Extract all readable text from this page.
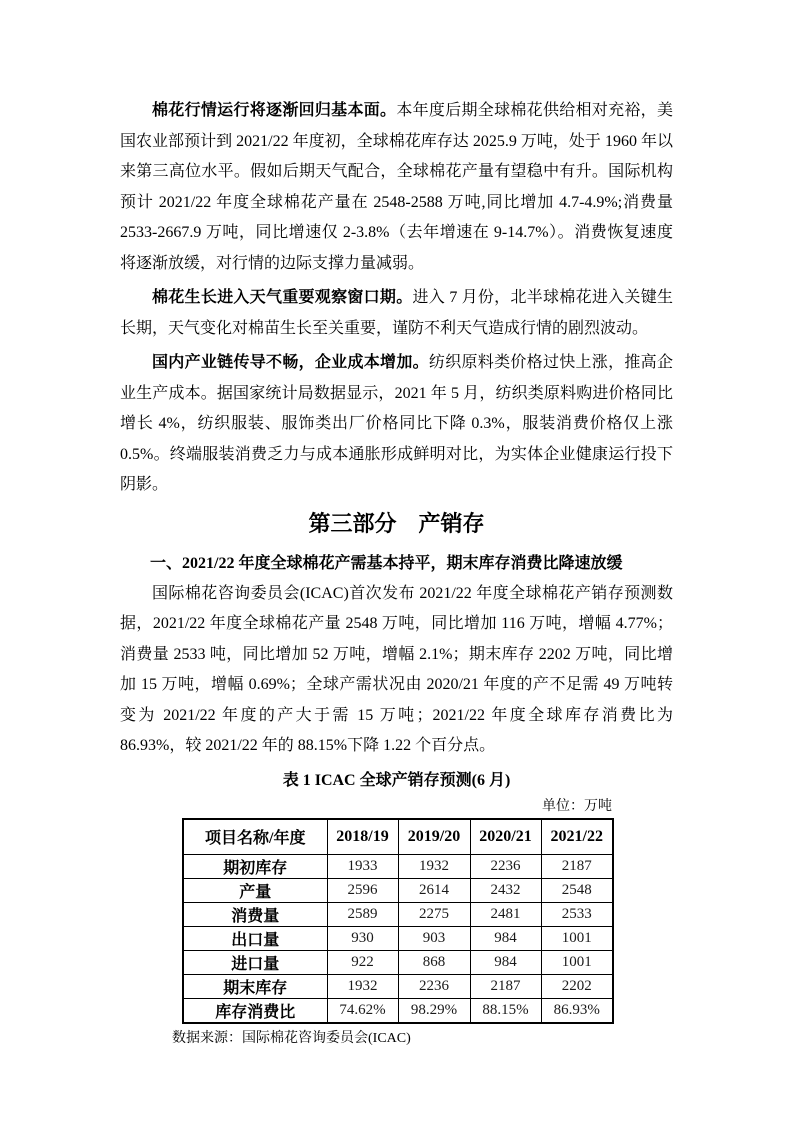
棉花行情运行将逐渐回归基本面。本年度后期全球棉花供给相对充裕，美国农业部预计到 2021/22 年度初，全球棉花库存达 2025.9 万吨，处于 1960 年以来第三高位水平。假如后期天气配合，全球棉花产量有望稳中有升。国际机构预计 2021/22 年度全球棉花产量在 2548-2588 万吨,同比增加 4.7-4.9%;消费量 2533-2667.9 万吨，同比增速仅 2-3.8%（去年增速在 9-14.7%）。消费恢复速度将逐渐放缓，对行情的边际支撑力量减弱。

棉花生长进入天气重要观察窗口期。进入 7 月份，北半球棉花进入关键生长期，天气变化对棉苗生长至关重要，谨防不利天气造成行情的剧烈波动。

国内产业链传导不畅，企业成本增加。纺织原料类价格过快上涨，推高企业生产成本。据国家统计局数据显示，2021 年 5 月，纺织类原料购进价格同比增长 4%，纺织服装、服饰类出厂价格同比下降 0.3%，服装消费价格仅上涨 0.5%。终端服装消费乏力与成本通胀形成鲜明对比，为实体企业健康运行投下阴影。

第三部分　产销存
一、2021/22 年度全球棉花产需基本持平，期末库存消费比降速放缓

国际棉花咨询委员会(ICAC)首次发布 2021/22 年度全球棉花产销存预测数据，2021/22 年度全球棉花产量 2548 万吨，同比增加 116 万吨，增幅 4.77%；消费量 2533 吨，同比增加 52 万吨，增幅 2.1%；期末库存 2202 万吨，同比增加 15 万吨，增幅 0.69%；全球产需状况由 2020/21 年度的产不足需 49 万吨转变为 2021/22 年度的产大于需 15 万吨；2021/22 年度全球库存消费比为 86.93%，较 2021/22 年的 88.15%下降 1.22 个百分点。

表 1 ICAC 全球产销存预测(6 月)

单位：万吨
项目名称/年度	2018/19	2019/20	2020/21	2021/22
期初库存	1933	1932	2236	2187
产量	2596	2614	2432	2548
消费量	2589	2275	2481	2533
出口量	930	903	984	1001
进口量	922	868	984	1001
期末库存	1932	2236	2187	2202
库存消费比	74.62%	98.29%	88.15%	86.93%
数据来源：国际棉花咨询委员会(ICAC)
